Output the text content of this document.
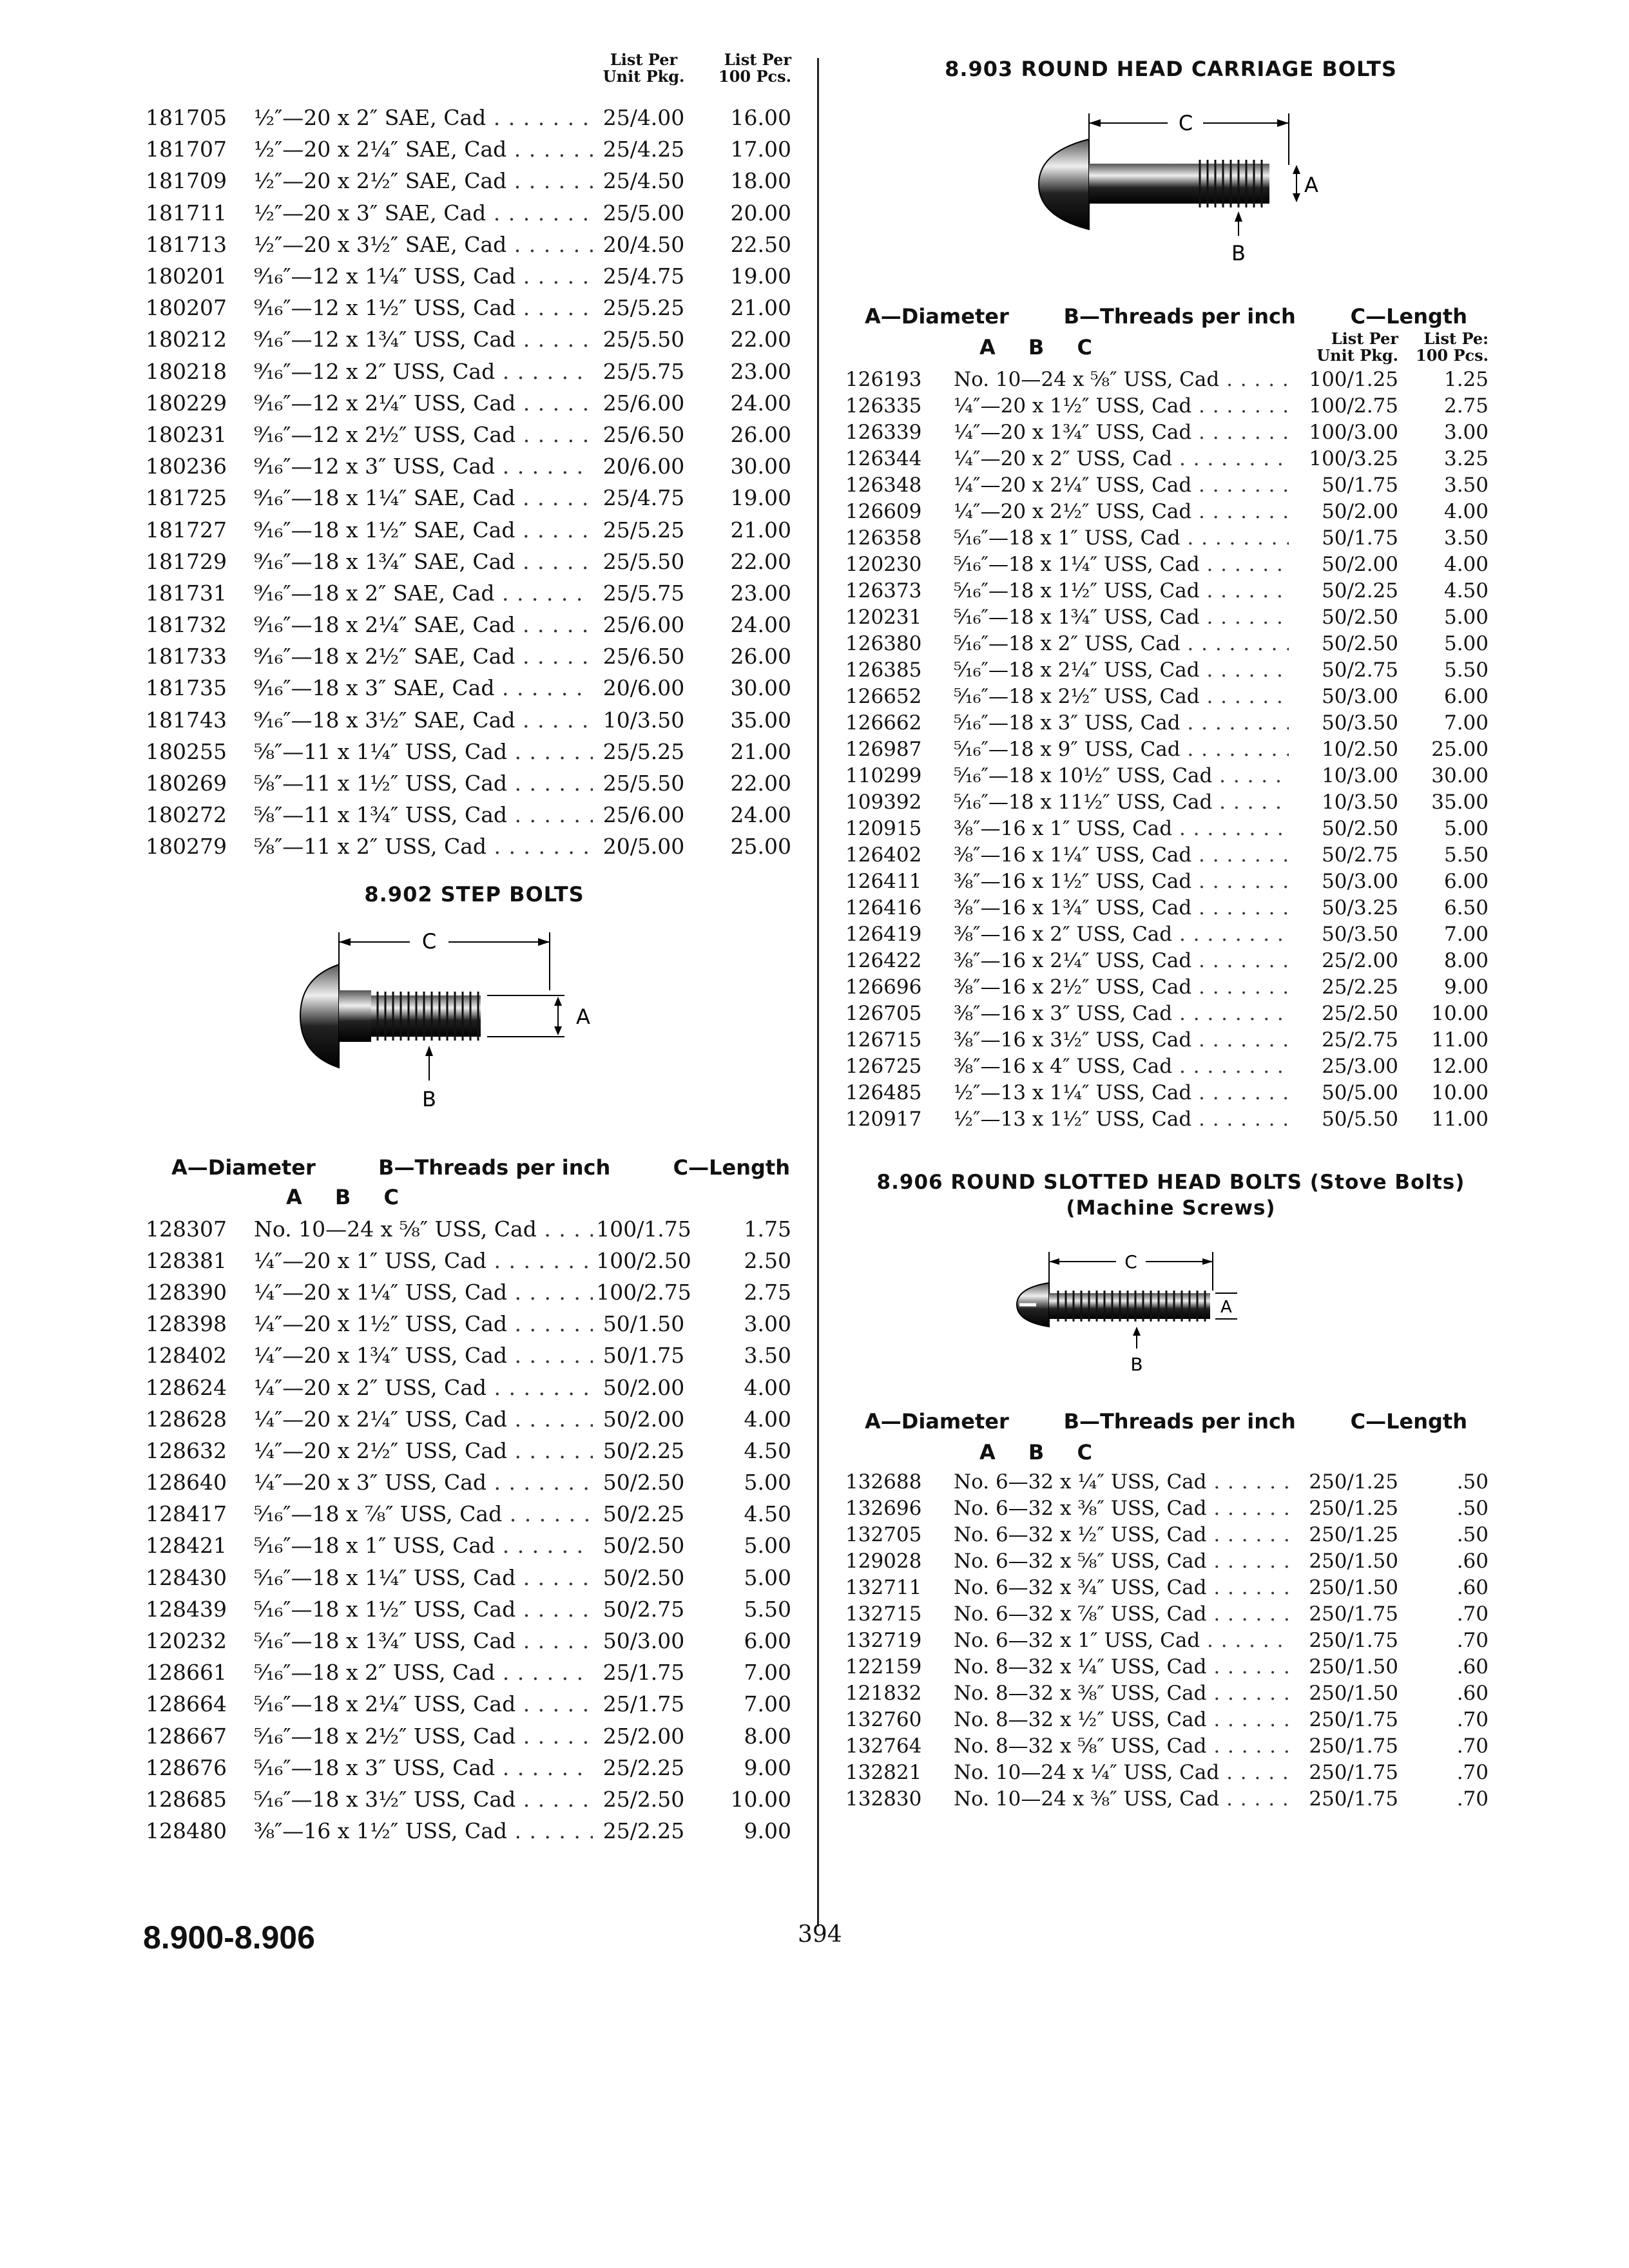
List Per
Unit Pkg.
List Per
100 Pcs.
181705	½″—20 x 2″ SAE, Cad . . .	25/4.00	16.00
181707	½″—20 x 2¼″ SAE, Cad . . .	25/4.25	17.00
181709	½″—20 x 2½″ SAE, Cad . . .	25/4.50	18.00
181711	½″—20 x 3″ SAE, Cad . . .	25/5.00	20.00
181713	½″—20 x 3½″ SAE, Cad . . .	20/4.50	22.50
180201	⁹⁄₁₆″—12 x 1¼″ USS, Cad . . .	25/4.75	19.00
180207	⁹⁄₁₆″—12 x 1½″ USS, Cad . . .	25/5.25	21.00
180212	⁹⁄₁₆″—12 x 1¾″ USS, Cad . . .	25/5.50	22.00
180218	⁹⁄₁₆″—12 x 2″ USS, Cad . . .	25/5.75	23.00
180229	⁹⁄₁₆″—12 x 2¼″ USS, Cad . . .	25/6.00	24.00
180231	⁹⁄₁₆″—12 x 2½″ USS, Cad . . .	25/6.50	26.00
180236	⁹⁄₁₆″—12 x 3″ USS, Cad . . .	20/6.00	30.00
181725	⁹⁄₁₆″—18 x 1¼″ SAE, Cad . . .	25/4.75	19.00
181727	⁹⁄₁₆″—18 x 1½″ SAE, Cad . . .	25/5.25	21.00
181729	⁹⁄₁₆″—18 x 1¾″ SAE, Cad . . .	25/5.50	22.00
181731	⁹⁄₁₆″—18 x 2″ SAE, Cad . . .	25/5.75	23.00
181732	⁹⁄₁₆″—18 x 2¼″ SAE, Cad . . .	25/6.00	24.00
181733	⁹⁄₁₆″—18 x 2½″ SAE, Cad . . .	25/6.50	26.00
181735	⁹⁄₁₆″—18 x 3″ SAE, Cad . . .	20/6.00	30.00
181743	⁹⁄₁₆″—18 x 3½″ SAE, Cad . . .	10/3.50	35.00
180255	⅝″—11 x 1¼″ USS, Cad . . .	25/5.25	21.00
180269	⅝″—11 x 1½″ USS, Cad . . .	25/5.50	22.00
180272	⅝″—11 x 1¾″ USS, Cad . . .	25/6.00	24.00
180279	⅝″—11 x 2″ USS, Cad . . .	20/5.00	25.00
8.902 STEP BOLTS
C
A
B
A—Diameter	B—Threads per inch	C—Length
A B C
128307	No. 10—24 x ⅝″ USS, Cad . . .	100/1.75	1.75
128381	¼″—20 x 1″ USS, Cad . . .	100/2.50	2.50
128390	¼″—20 x 1¼″ USS, Cad . . .	100/2.75	2.75
128398	¼″—20 x 1½″ USS, Cad . . .	50/1.50	3.00
128402	¼″—20 x 1¾″ USS, Cad . . .	50/1.75	3.50
128624	¼″—20 x 2″ USS, Cad . . .	50/2.00	4.00
128628	¼″—20 x 2¼″ USS, Cad . . .	50/2.00	4.00
128632	¼″—20 x 2½″ USS, Cad . . .	50/2.25	4.50
128640	¼″—20 x 3″ USS, Cad . . .	50/2.50	5.00
128417	⁵⁄₁₆″—18 x ⅞″ USS, Cad . . .	50/2.25	4.50
128421	⁵⁄₁₆″—18 x 1″ USS, Cad . . .	50/2.50	5.00
128430	⁵⁄₁₆″—18 x 1¼″ USS, Cad . . .	50/2.50	5.00
128439	⁵⁄₁₆″—18 x 1½″ USS, Cad . . .	50/2.75	5.50
120232	⁵⁄₁₆″—18 x 1¾″ USS, Cad . . .	50/3.00	6.00
128661	⁵⁄₁₆″—18 x 2″ USS, Cad . . .	25/1.75	7.00
128664	⁵⁄₁₆″—18 x 2¼″ USS, Cad . . .	25/1.75	7.00
128667	⁵⁄₁₆″—18 x 2½″ USS, Cad . . .	25/2.00	8.00
128676	⁵⁄₁₆″—18 x 3″ USS, Cad . . .	25/2.25	9.00
128685	⁵⁄₁₆″—18 x 3½″ USS, Cad . . .	25/2.50	10.00
128480	⅜″—16 x 1½″ USS, Cad . . .	25/2.25	9.00
8.903 ROUND HEAD CARRIAGE BOLTS
C
A
B
A—Diameter	B—Threads per inch	C—Length
A B C	List Per
Unit Pkg.
List Pe:
100 Pcs.
126193	No. 10—24 x ⅝″ USS, Cad . . .	100/1.25	1.25
126335	¼″—20 x 1½″ USS, Cad . . .	100/2.75	2.75
126339	¼″—20 x 1¾″ USS, Cad . . .	100/3.00	3.00
126344	¼″—20 x 2″ USS, Cad . . .	100/3.25	3.25
126348	¼″—20 x 2¼″ USS, Cad . . .	50/1.75	3.50
126609	¼″—20 x 2½″ USS, Cad . . .	50/2.00	4.00
126358	⁵⁄₁₆″—18 x 1″ USS, Cad . . .	50/1.75	3.50
120230	⁵⁄₁₆″—18 x 1¼″ USS, Cad . . .	50/2.00	4.00
126373	⁵⁄₁₆″—18 x 1½″ USS, Cad . . .	50/2.25	4.50
120231	⁵⁄₁₆″—18 x 1¾″ USS, Cad . . .	50/2.50	5.00
126380	⁵⁄₁₆″—18 x 2″ USS, Cad . . .	50/2.50	5.00
126385	⁵⁄₁₆″—18 x 2¼″ USS, Cad . . .	50/2.75	5.50
126652	⁵⁄₁₆″—18 x 2½″ USS, Cad . . .	50/3.00	6.00
126662	⁵⁄₁₆″—18 x 3″ USS, Cad . . .	50/3.50	7.00
126987	⁵⁄₁₆″—18 x 9″ USS, Cad . . .	10/2.50	25.00
110299	⁵⁄₁₆″—18 x 10½″ USS, Cad . . .	10/3.00	30.00
109392	⁵⁄₁₆″—18 x 11½″ USS, Cad . . .	10/3.50	35.00
120915	⅜″—16 x 1″ USS, Cad . . .	50/2.50	5.00
126402	⅜″—16 x 1¼″ USS, Cad . . .	50/2.75	5.50
126411	⅜″—16 x 1½″ USS, Cad . . .	50/3.00	6.00
126416	⅜″—16 x 1¾″ USS, Cad . . .	50/3.25	6.50
126419	⅜″—16 x 2″ USS, Cad . . .	50/3.50	7.00
126422	⅜″—16 x 2¼″ USS, Cad . . .	25/2.00	8.00
126696	⅜″—16 x 2½″ USS, Cad . . .	25/2.25	9.00
126705	⅜″—16 x 3″ USS, Cad . . .	25/2.50	10.00
126715	⅜″—16 x 3½″ USS, Cad . . .	25/2.75	11.00
126725	⅜″—16 x 4″ USS, Cad . . .	25/3.00	12.00
126485	½″—13 x 1¼″ USS, Cad . . .	50/5.00	10.00
120917	½″—13 x 1½″ USS, Cad . . .	50/5.50	11.00
8.906 ROUND SLOTTED HEAD BOLTS (Stove Bolts)
(Machine Screws)
C
A
B
A—Diameter	B—Threads per inch	C—Length
A B C
132688	No. 6—32 x ¼″ USS, Cad . . .	250/1.25	.50
132696	No. 6—32 x ⅜″ USS, Cad . . .	250/1.25	.50
132705	No. 6—32 x ½″ USS, Cad . . .	250/1.25	.50
129028	No. 6—32 x ⅝″ USS, Cad . . .	250/1.50	.60
132711	No. 6—32 x ¾″ USS, Cad . . .	250/1.50	.60
132715	No. 6—32 x ⅞″ USS, Cad . . .	250/1.75	.70
132719	No. 6—32 x 1″ USS, Cad . . .	250/1.75	.70
122159	No. 8—32 x ¼″ USS, Cad . . .	250/1.50	.60
121832	No. 8—32 x ⅜″ USS, Cad . . .	250/1.50	.60
132760	No. 8—32 x ½″ USS, Cad . . .	250/1.75	.70
132764	No. 8—32 x ⅝″ USS, Cad . . .	250/1.75	.70
132821	No. 10—24 x ¼″ USS, Cad . . .	250/1.75	.70
132830	No. 10—24 x ⅜″ USS, Cad . . .	250/1.75	.70
8.900-8.906	394
